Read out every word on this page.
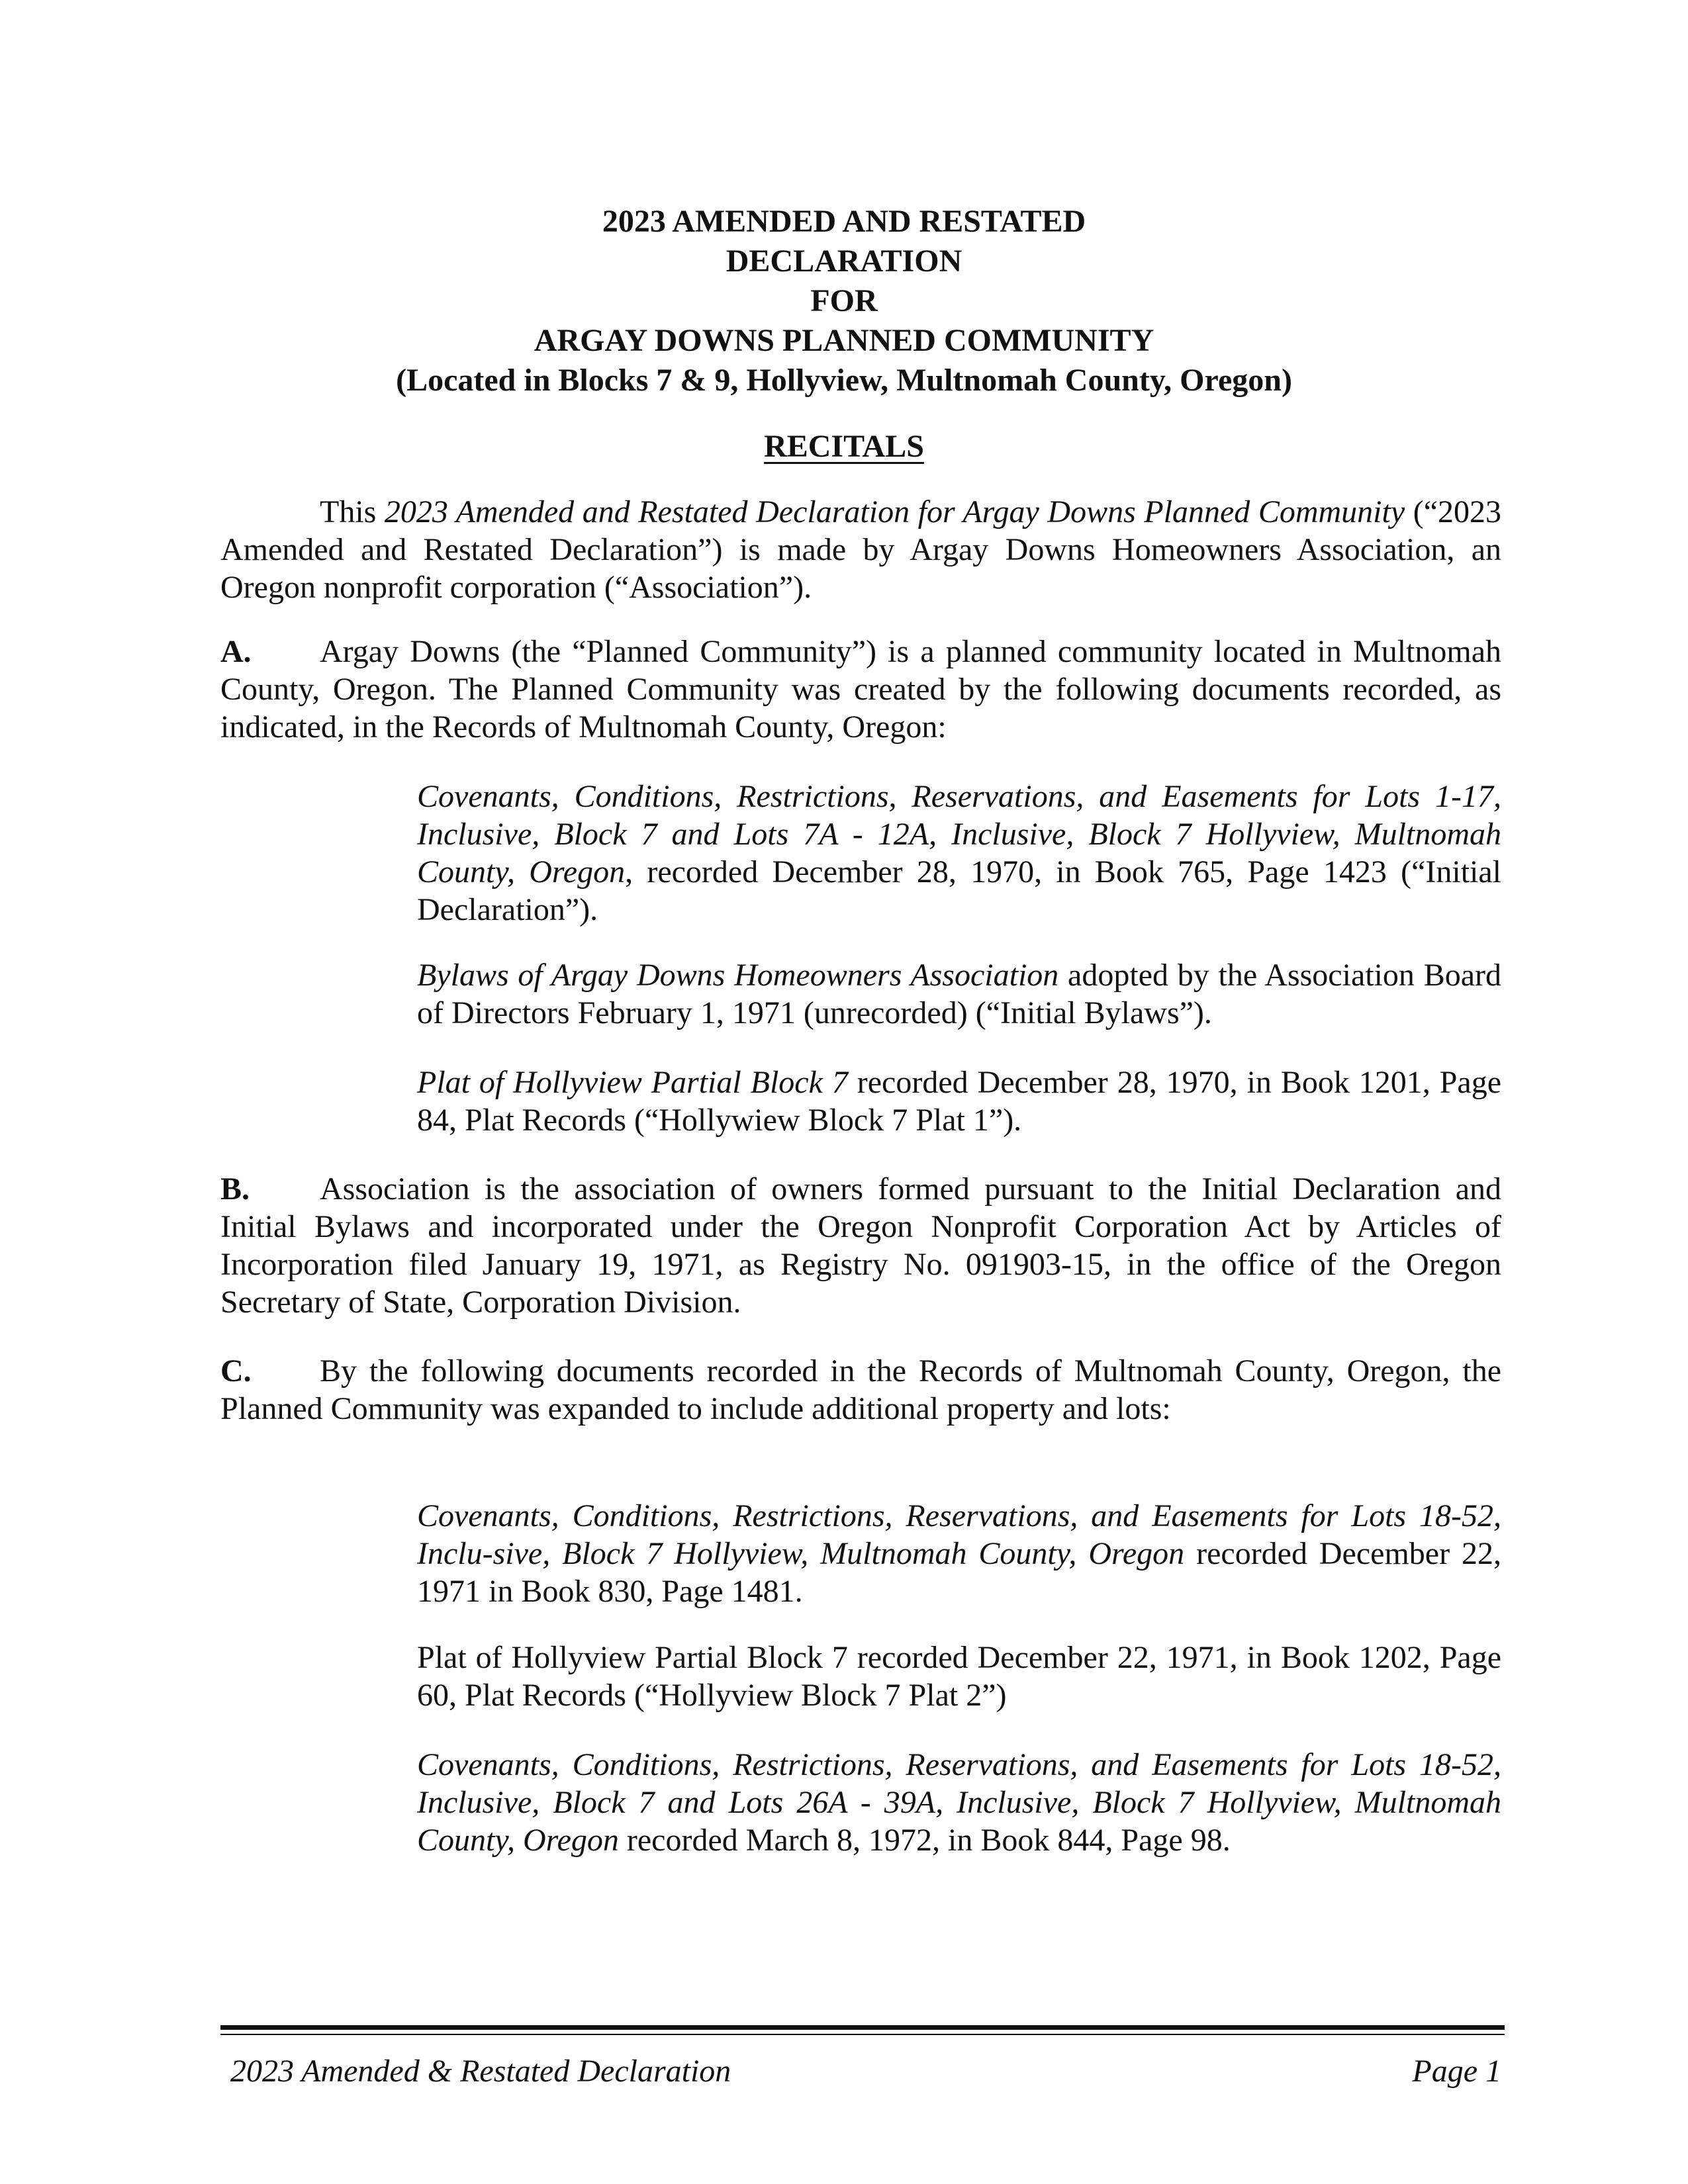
2023 AMENDED AND RESTATED
DECLARATION
FOR
ARGAY DOWNS PLANNED COMMUNITY
(Located in Blocks 7 & 9, Hollyview, Multnomah County, Oregon)
RECITALS
This 2023 Amended and Restated Declaration for Argay Downs Planned Community (“2023 Amended and Restated Declaration”) is made by Argay Downs Homeowners Association, an Oregon nonprofit corporation (“Association”).
A. Argay Downs (the “Planned Community”) is a planned community located in Multnomah County, Oregon. The Planned Community was created by the following documents recorded, as indicated, in the Records of Multnomah County, Oregon:
Covenants, Conditions, Restrictions, Reservations, and Easements for Lots 1-17, Inclusive, Block 7 and Lots 7A - 12A, Inclusive, Block 7 Hollyview, Multnomah County, Oregon, recorded December 28, 1970, in Book 765, Page 1423 (“Initial Declaration”).
Bylaws of Argay Downs Homeowners Association adopted by the Association Board of Directors February 1, 1971 (unrecorded) (“Initial Bylaws”).
Plat of Hollyview Partial Block 7 recorded December 28, 1970, in Book 1201, Page 84, Plat Records (“Hollywiew Block 7 Plat 1”).
B. Association is the association of owners formed pursuant to the Initial Declaration and Initial Bylaws and incorporated under the Oregon Nonprofit Corporation Act by Articles of Incorporation filed January 19, 1971, as Registry No. 091903-15, in the office of the Oregon Secretary of State, Corporation Division.
C. By the following documents recorded in the Records of Multnomah County, Oregon, the Planned Community was expanded to include additional property and lots:
Covenants, Conditions, Restrictions, Reservations, and Easements for Lots 18-52, Inclu-sive, Block 7 Hollyview, Multnomah County, Oregon recorded December 22, 1971 in Book 830, Page 1481.
Plat of Hollyview Partial Block 7 recorded December 22, 1971, in Book 1202, Page 60, Plat Records (“Hollyview Block 7 Plat 2”)
Covenants, Conditions, Restrictions, Reservations, and Easements for Lots 18-52, Inclusive, Block 7 and Lots 26A - 39A, Inclusive, Block 7 Hollyview, Multnomah County, Oregon recorded March 8, 1972, in Book 844, Page 98.
2023 Amended & Restated Declaration	Page 1
